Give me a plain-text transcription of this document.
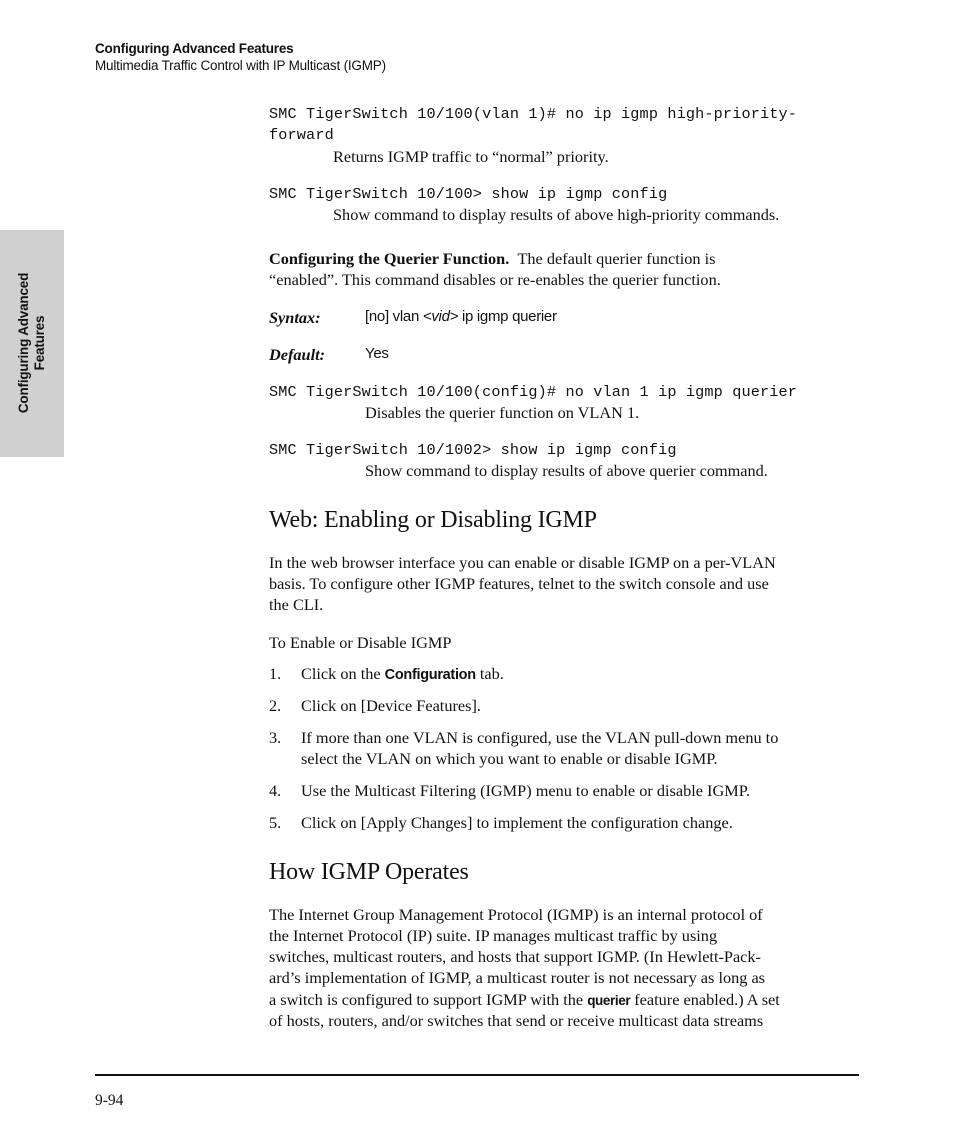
Configuring Advanced Features
Multimedia Traffic Control with IP Multicast (IGMP)
Configuring Advanced Features
SMC TigerSwitch 10/100(vlan 1)# no ip igmp high-priority-
forward
Returns IGMP traffic to “normal” priority.
SMC TigerSwitch 10/100> show ip igmp config
Show command to display results of above high-priority commands.
Configuring the Querier Function. The default querier function is
“enabled”. This command disables or re-enables the querier function.
Syntax:	[no] vlan <vid> ip igmp querier
Default:	Yes
SMC TigerSwitch 10/100(config)# no vlan 1 ip igmp querier
Disables the querier function on VLAN 1.
SMC TigerSwitch 10/1002> show ip igmp config
Show command to display results of above querier command.
Web: Enabling or Disabling IGMP
In the web browser interface you can enable or disable IGMP on a per-VLAN
basis. To configure other IGMP features, telnet to the switch console and use
the CLI.
To Enable or Disable IGMP
1. Click on the Configuration tab.
2. Click on [Device Features].
3. If more than one VLAN is configured, use the VLAN pull-down menu to
select the VLAN on which you want to enable or disable IGMP.
4. Use the Multicast Filtering (IGMP) menu to enable or disable IGMP.
5. Click on [Apply Changes] to implement the configuration change.
How IGMP Operates
The Internet Group Management Protocol (IGMP) is an internal protocol of
the Internet Protocol (IP) suite. IP manages multicast traffic by using
switches, multicast routers, and hosts that support IGMP. (In Hewlett-Pack-
ard’s implementation of IGMP, a multicast router is not necessary as long as
a switch is configured to support IGMP with the querier feature enabled.) A set
of hosts, routers, and/or switches that send or receive multicast data streams
9-94
